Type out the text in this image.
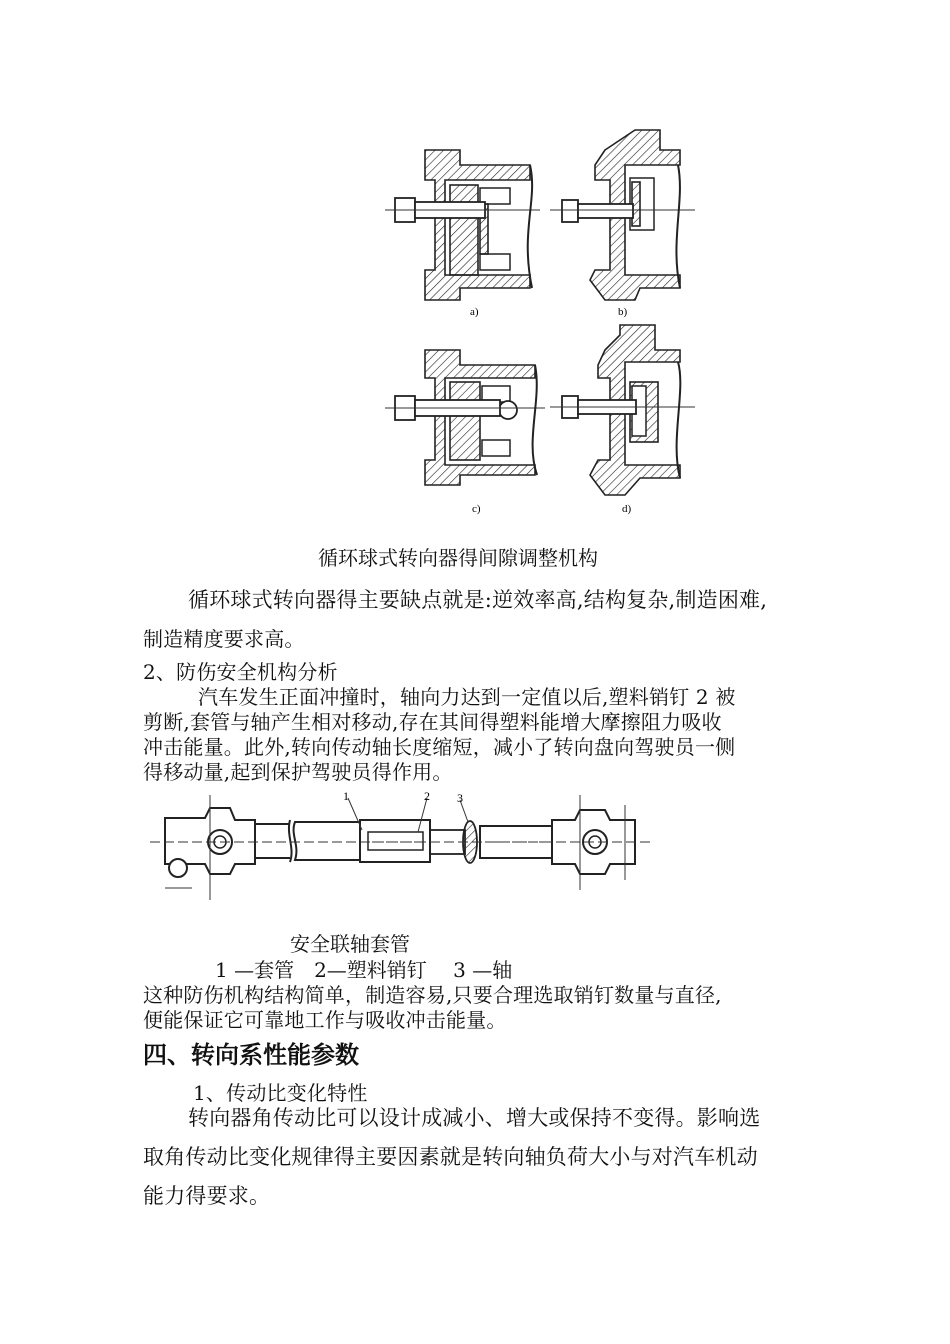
a)	b)
c)	d)
循环球式转向器得间隙调整机构
循环球式转向器得主要缺点就是:逆效率高,结构复杂,制造困难,
制造精度要求高。
2、防伤安全机构分析
汽车发生正面冲撞时，轴向力达到一定值以后,塑料销钉 2 被
剪断,套管与轴产生相对移动,存在其间得塑料能增大摩擦阻力吸收
冲击能量。此外,转向传动轴长度缩短，减小了转向盘向驾驶员一侧
得移动量,起到保护驾驶员得作用。
1	2 3
安全联轴套管
1 —套管　2—塑料销钉　 3 —轴
这种防伤机构结构简单，制造容易,只要合理选取销钉数量与直径,
便能保证它可靠地工作与吸收冲击能量。
四、转向系性能参数
1、传动比变化特性
转向器角传动比可以设计成减小、增大或保持不变得。影响选
取角传动比变化规律得主要因素就是转向轴负荷大小与对汽车机动
能力得要求。
